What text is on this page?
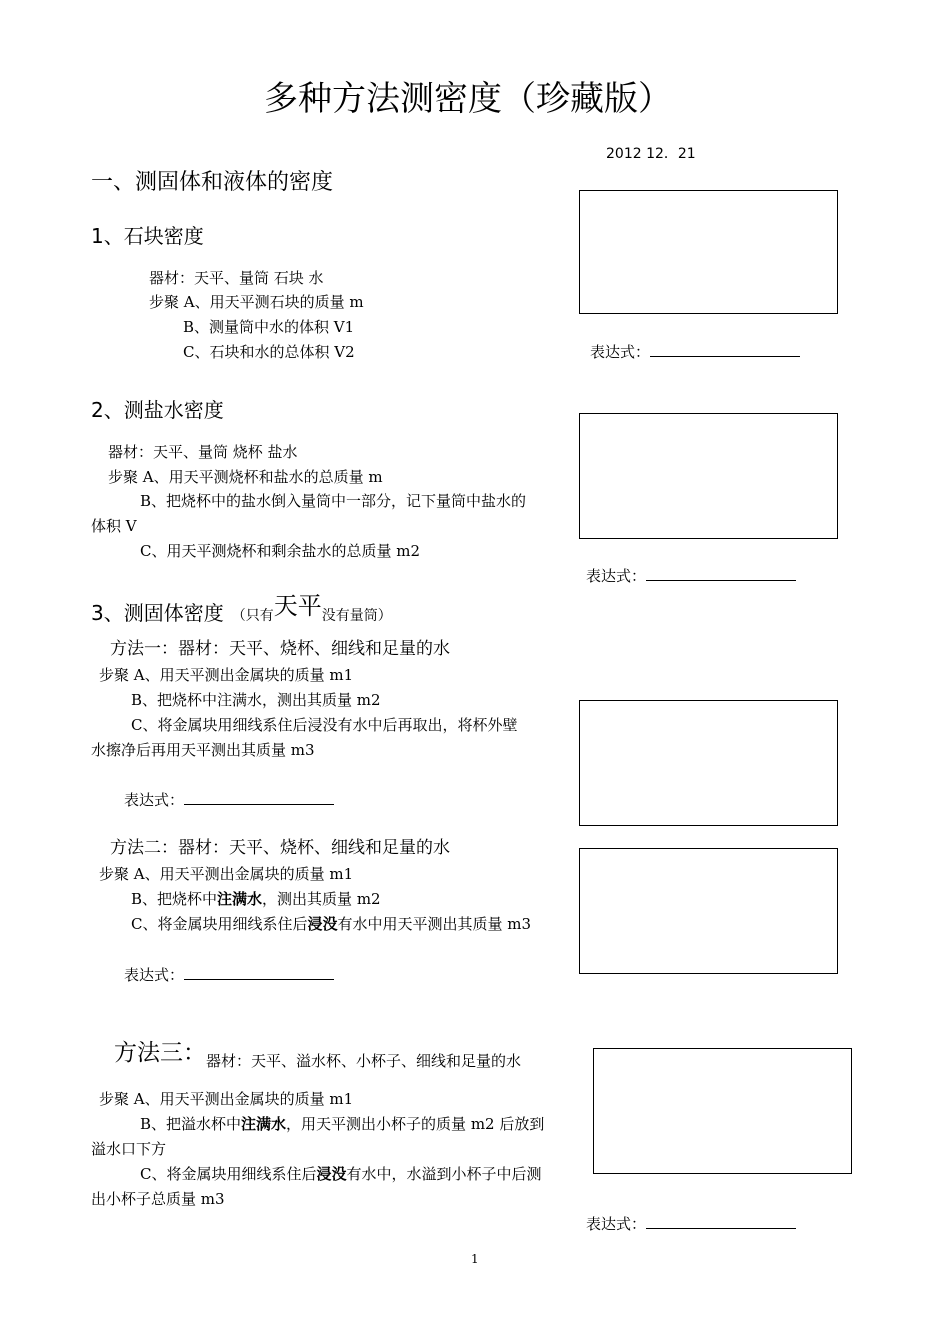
多种方法测密度（珍藏版）
2012 12．21
一、测固体和液体的密度
1、石块密度
器材：天平、量筒 石块 水
步聚 A、用天平测石块的质量 m
B、测量筒中水的体积 V1
C、石块和水的总体积 V2	表达式：
2、测盐水密度
器材：天平、量筒 烧杯 盐水
步聚 A、用天平测烧杯和盐水的总质量 m
B、把烧杯中的盐水倒入量筒中一部分，记下量筒中盐水的
体积 V
C、用天平测烧杯和剩余盐水的总质量 m2
表达式：
3、测固体密度 （只有天平没有量筒）
方法一：器材：天平、烧杯、细线和足量的水
步聚 A、用天平测出金属块的质量 m1
B、把烧杯中注满水，测出其质量 m2
C、将金属块用细线系住后浸没有水中后再取出，将杯外壁
水擦净后再用天平测出其质量 m3
表达式：
方法二：器材：天平、烧杯、细线和足量的水
步聚 A、用天平测出金属块的质量 m1
B、把烧杯中注满水，测出其质量 m2
C、将金属块用细线系住后浸没有水中用天平测出其质量 m3
表达式：
方法三：器材：天平、溢水杯、小杯子、细线和足量的水
步聚 A、用天平测出金属块的质量 m1
B、把溢水杯中注满水，用天平测出小杯子的质量 m2 后放到
溢水口下方
C、将金属块用细线系住后浸没有水中，水溢到小杯子中后测
出小杯子总质量 m3
表达式：
1
